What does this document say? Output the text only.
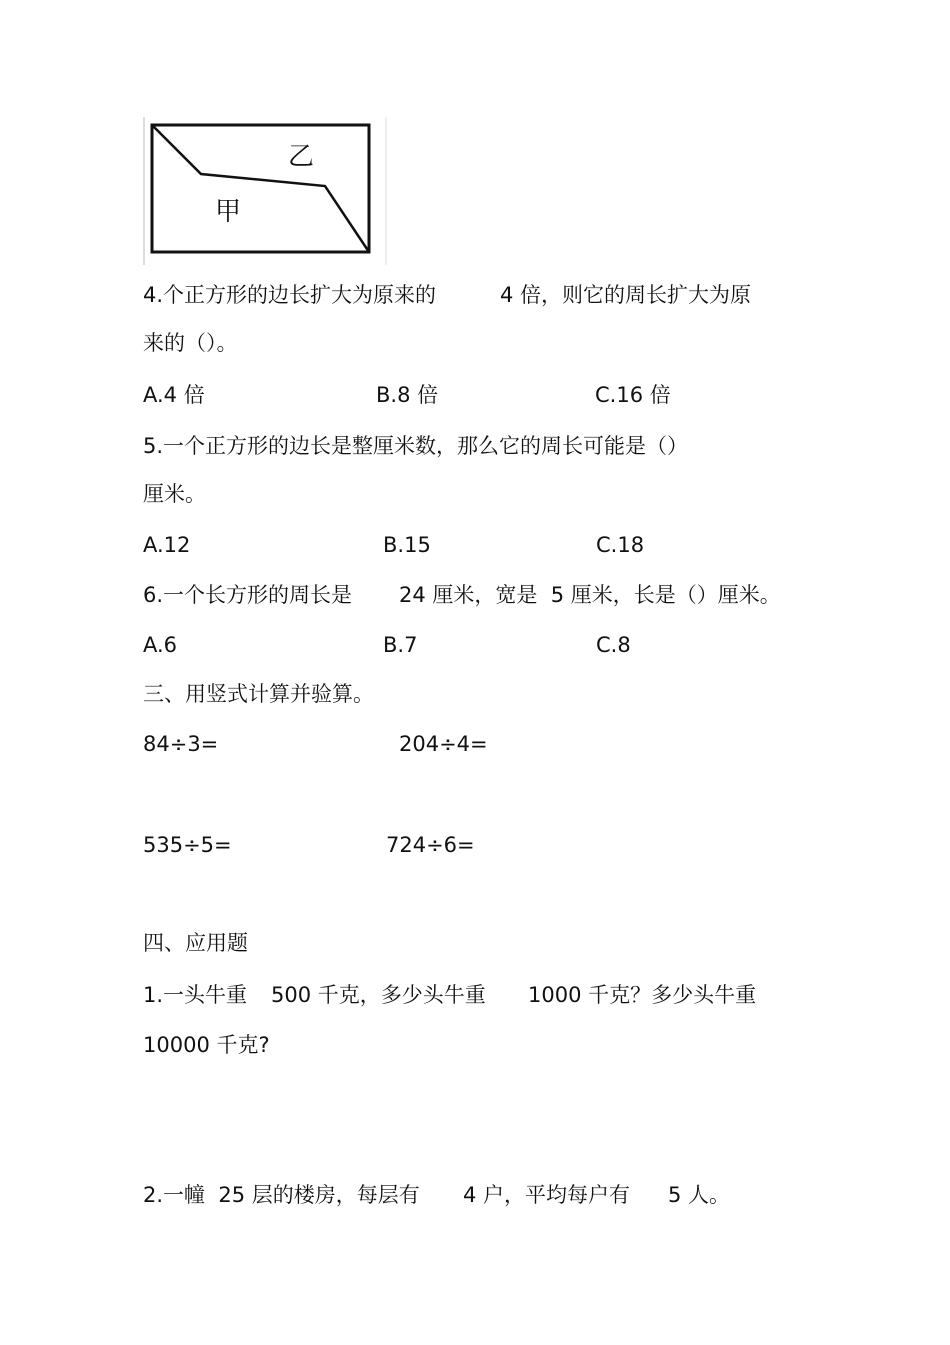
乙
甲
4.个正方形的边长扩大为原来的	4 倍，则它的周长扩大为原
来的（）。
A.4 倍	B.8 倍	C.16 倍
5.一个正方形的边长是整厘米数，那么它的周长可能是（）
厘米。
A.12	B.15	C.18
6.一个长方形的周长是 24 厘米，宽是  5 厘米，长是（）厘米。
A.6	B.7	C.8
三、用竖式计算并验算。
84÷3=	204÷4=
535÷5=	724÷6=
四、应用题
1.一头牛重 500 千克，多少头牛重 1000 千克？多少头牛重
10000 千克?
2.一幢  25 层的楼房，每层有 4 户，平均每户有 5 人。
